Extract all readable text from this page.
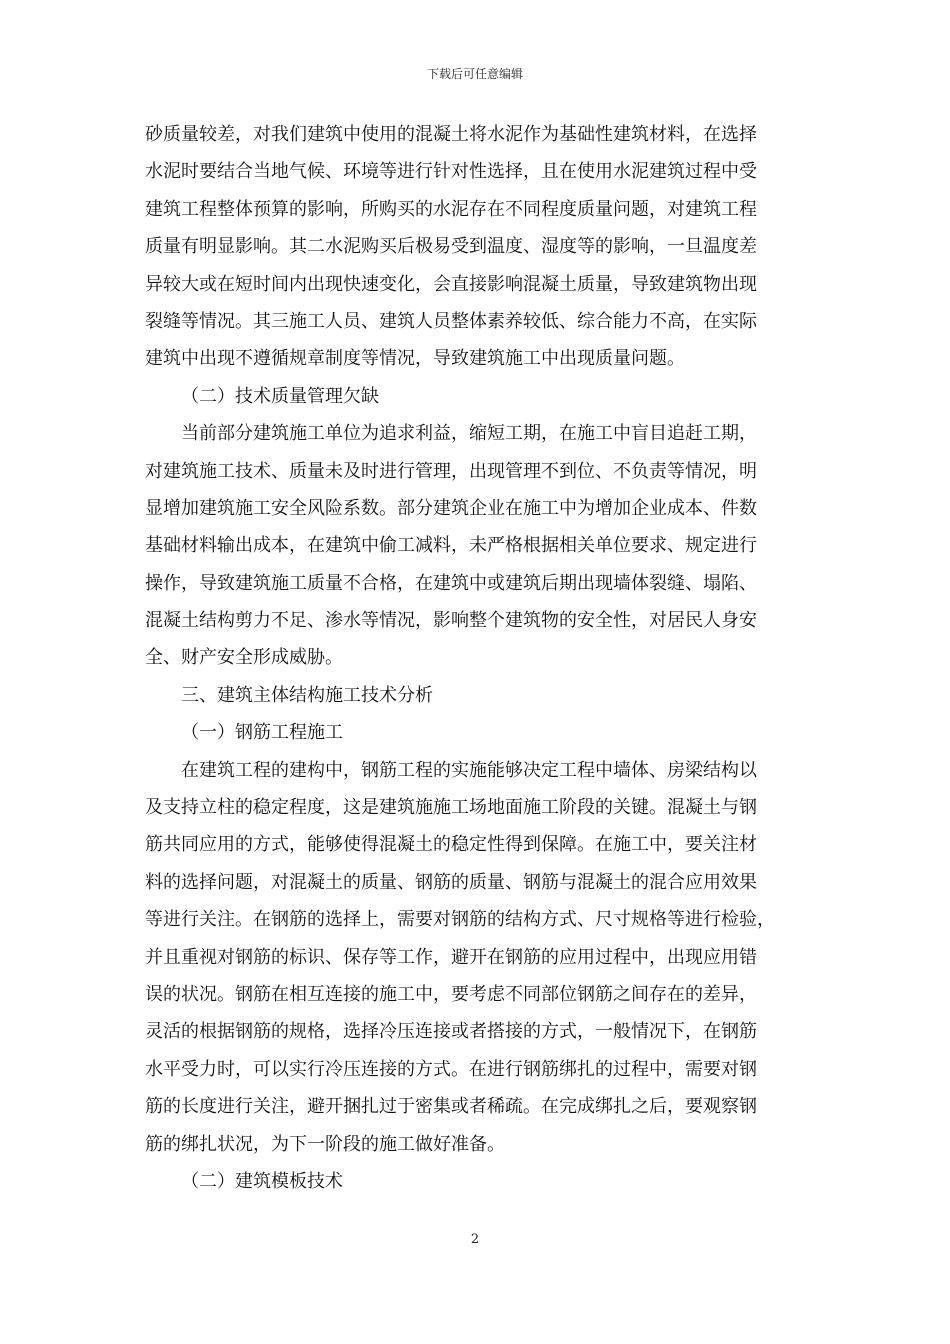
下载后可任意编辑
砂质量较差，对我们建筑中使用的混凝土将水泥作为基础性建筑材料，在选择
水泥时要结合当地气候、环境等进行针对性选择，且在使用水泥建筑过程中受
建筑工程整体预算的影响，所购买的水泥存在不同程度质量问题，对建筑工程
质量有明显影响。其二水泥购买后极易受到温度、湿度等的影响，一旦温度差
异较大或在短时间内出现快速变化，会直接影响混凝土质量，导致建筑物出现
裂缝等情况。其三施工人员、建筑人员整体素养较低、综合能力不高，在实际
建筑中出现不遵循规章制度等情况，导致建筑施工中出现质量问题。
（二）技术质量管理欠缺
当前部分建筑施工单位为追求利益，缩短工期，在施工中盲目追赶工期，
对建筑施工技术、质量未及时进行管理，出现管理不到位、不负责等情况，明
显增加建筑施工安全风险系数。部分建筑企业在施工中为增加企业成本、件数
基础材料输出成本，在建筑中偷工减料，未严格根据相关单位要求、规定进行
操作，导致建筑施工质量不合格，在建筑中或建筑后期出现墙体裂缝、塌陷、
混凝土结构剪力不足、渗水等情况，影响整个建筑物的安全性，对居民人身安
全、财产安全形成威胁。
三、建筑主体结构施工技术分析
（一）钢筋工程施工
在建筑工程的建构中，钢筋工程的实施能够决定工程中墙体、房梁结构以
及支持立柱的稳定程度，这是建筑施施工场地面施工阶段的关键。混凝土与钢
筋共同应用的方式，能够使得混凝土的稳定性得到保障。在施工中，要关注材
料的选择问题，对混凝土的质量、钢筋的质量、钢筋与混凝土的混合应用效果
等进行关注。在钢筋的选择上，需要对钢筋的结构方式、尺寸规格等进行检验，
并且重视对钢筋的标识、保存等工作，避开在钢筋的应用过程中，出现应用错
误的状况。钢筋在相互连接的施工中，要考虑不同部位钢筋之间存在的差异，
灵活的根据钢筋的规格，选择冷压连接或者搭接的方式，一般情况下，在钢筋
水平受力时，可以实行冷压连接的方式。在进行钢筋绑扎的过程中，需要对钢
筋的长度进行关注，避开捆扎过于密集或者稀疏。在完成绑扎之后，要观察钢
筋的绑扎状况，为下一阶段的施工做好准备。
（二）建筑模板技术
2
